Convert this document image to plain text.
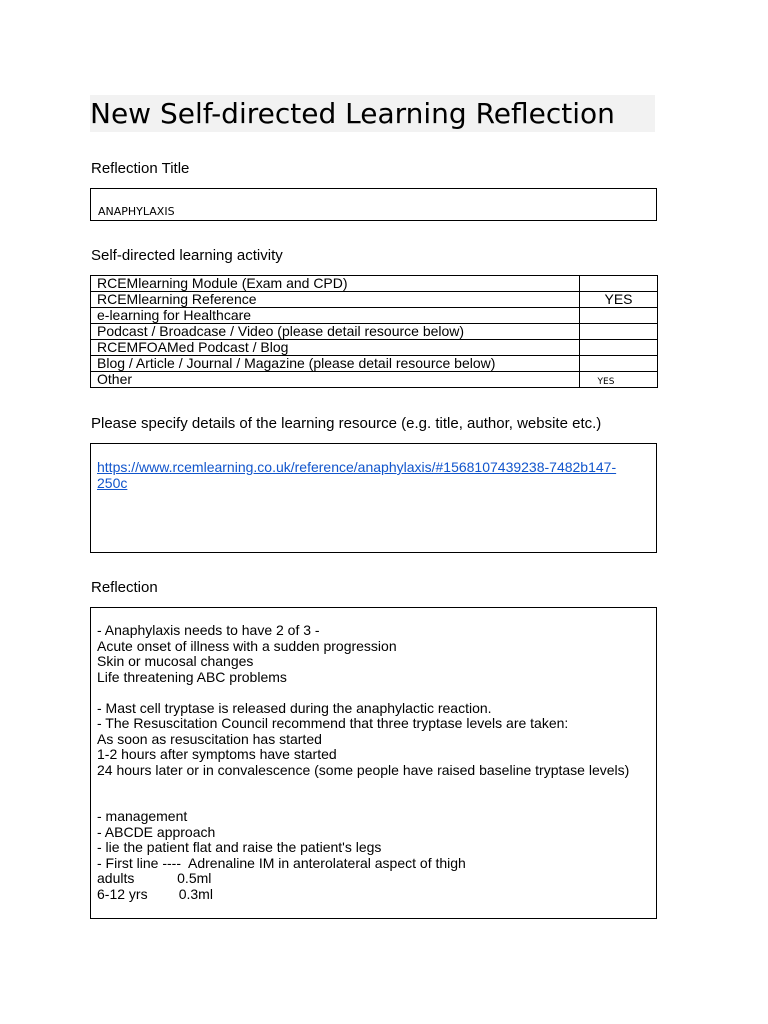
New Self-directed Learning Reflection
Reflection Title
ANAPHYLAXIS
Self-directed learning activity
RCEMlearning Module (Exam and CPD)	
RCEMlearning Reference	YES
e-learning for Healthcare	
Podcast / Broadcase / Video (please detail resource below)	
RCEMFOAMed Podcast / Blog	
Blog / Article / Journal / Magazine (please detail resource below)	
Other	YES
Please specify details of the learning resource (e.g. title, author, website etc.)
https://www.rcemlearning.co.uk/reference/anaphylaxis/#1568107439238-7482b147-250c
Reflection
- Anaphylaxis needs to have 2 of 3 -
Acute onset of illness with a sudden progression
Skin or mucosal changes
Life threatening ABC problems
- Mast cell tryptase is released during the anaphylactic reaction.
- The Resuscitation Council recommend that three tryptase levels are taken:
As soon as resuscitation has started
1-2 hours after symptoms have started
24 hours later or in convalescence (some people have raised baseline tryptase levels)
- management
- ABCDE approach
- lie the patient flat and raise the patient's legs
- First line ----  Adrenaline IM in anterolateral aspect of thigh
adults           0.5ml
6-12 yrs        0.3ml
